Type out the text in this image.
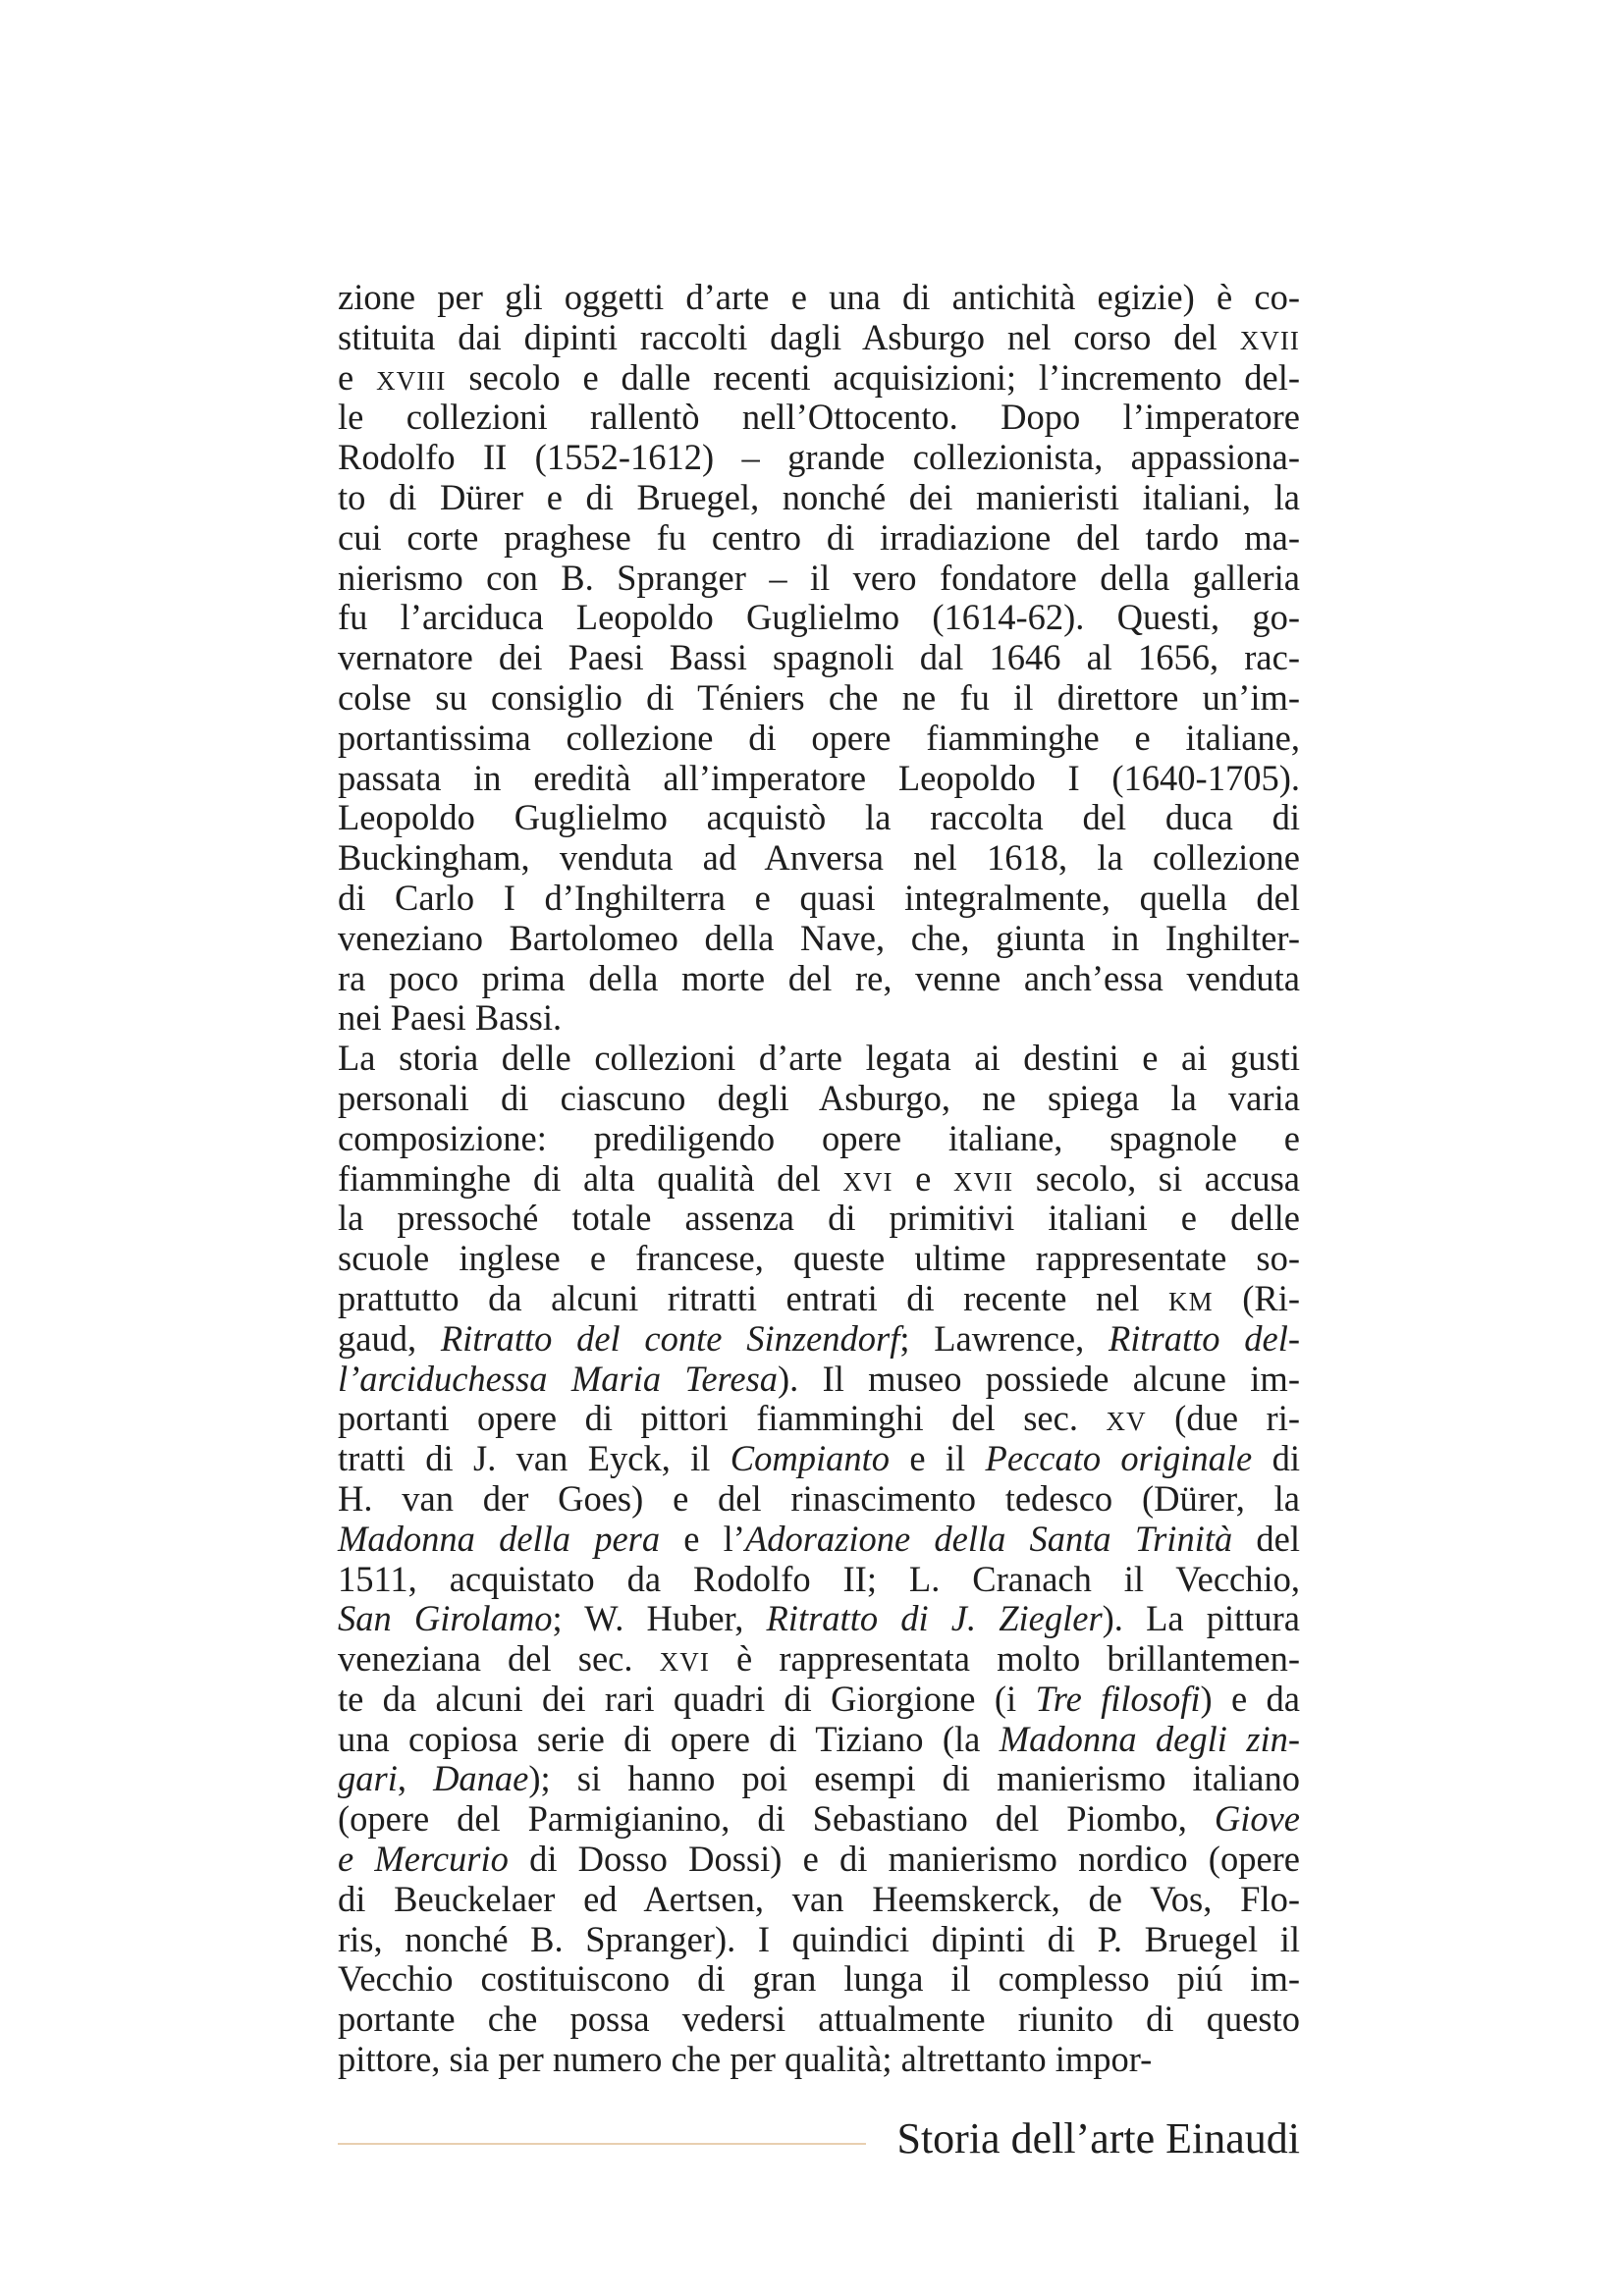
zione per gli oggetti d’arte e una di antichità egizie) è co-
stituita dai dipinti raccolti dagli Asburgo nel corso del XVII
e XVIII secolo e dalle recenti acquisizioni; l’incremento del-
le collezioni rallentò nell’Ottocento. Dopo l’imperatore
Rodolfo II (1552-1612) – grande collezionista, appassiona-
to di Dürer e di Bruegel, nonché dei manieristi italiani, la
cui corte praghese fu centro di irradiazione del tardo ma-
nierismo con B. Spranger – il vero fondatore della galleria
fu l’arciduca Leopoldo Guglielmo (1614-62). Questi, go-
vernatore dei Paesi Bassi spagnoli dal 1646 al 1656, rac-
colse su consiglio di Téniers che ne fu il direttore un’im-
portantissima collezione di opere fiamminghe e italiane,
passata in eredità all’imperatore Leopoldo I (1640-1705).
Leopoldo Guglielmo acquistò la raccolta del duca di
Buckingham, venduta ad Anversa nel 1618, la collezione
di Carlo I d’Inghilterra e quasi integralmente, quella del
veneziano Bartolomeo della Nave, che, giunta in Inghilter-
ra poco prima della morte del re, venne anch’essa venduta
nei Paesi Bassi.
La storia delle collezioni d’arte legata ai destini e ai gusti
personali di ciascuno degli Asburgo, ne spiega la varia
composizione: prediligendo opere italiane, spagnole e
fiamminghe di alta qualità del XVI e XVII secolo, si accusa
la pressoché totale assenza di primitivi italiani e delle
scuole inglese e francese, queste ultime rappresentate so-
prattutto da alcuni ritratti entrati di recente nel KM (Ri-
gaud, Ritratto del conte Sinzendorf; Lawrence, Ritratto del-
l’arciduchessa Maria Teresa). Il museo possiede alcune im-
portanti opere di pittori fiamminghi del sec. XV (due ri-
tratti di J. van Eyck, il Compianto e il Peccato originale di
H. van der Goes) e del rinascimento tedesco (Dürer, la
Madonna della pera e l’Adorazione della Santa Trinità del
1511, acquistato da Rodolfo II; L. Cranach il Vecchio,
San Girolamo; W. Huber, Ritratto di J. Ziegler). La pittura
veneziana del sec. XVI è rappresentata molto brillantemen-
te da alcuni dei rari quadri di Giorgione (i Tre filosofi) e da
una copiosa serie di opere di Tiziano (la Madonna degli zin-
gari, Danae); si hanno poi esempi di manierismo italiano
(opere del Parmigianino, di Sebastiano del Piombo, Giove
e Mercurio di Dosso Dossi) e di manierismo nordico (opere
di Beuckelaer ed Aertsen, van Heemskerck, de Vos, Flo-
ris, nonché B. Spranger). I quindici dipinti di P. Bruegel il
Vecchio costituiscono di gran lunga il complesso piú im-
portante che possa vedersi attualmente riunito di questo
pittore, sia per numero che per qualità; altrettanto impor-
Storia dell’arte Einaudi
